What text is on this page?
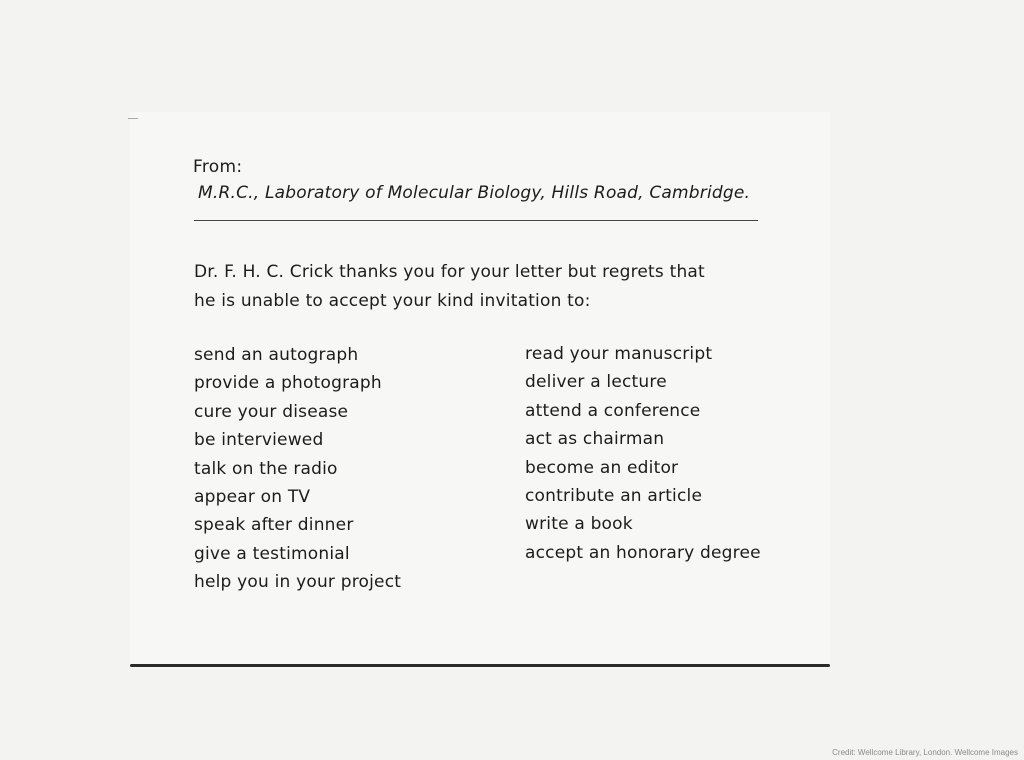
From:
M.R.C., Laboratory of Molecular Biology, Hills Road, Cambridge.
Dr. F. H. C. Crick thanks you for your letter but regrets that
he is unable to accept your kind invitation to:
send an autograph
provide a photograph
cure your disease
be interviewed
talk on the radio
appear on TV
speak after dinner
give a testimonial
help you in your project
read your manuscript
deliver a lecture
attend a conference
act as chairman
become an editor
contribute an article
write a book
accept an honorary degree
Credit: Wellcome Library, London. Wellcome Images
